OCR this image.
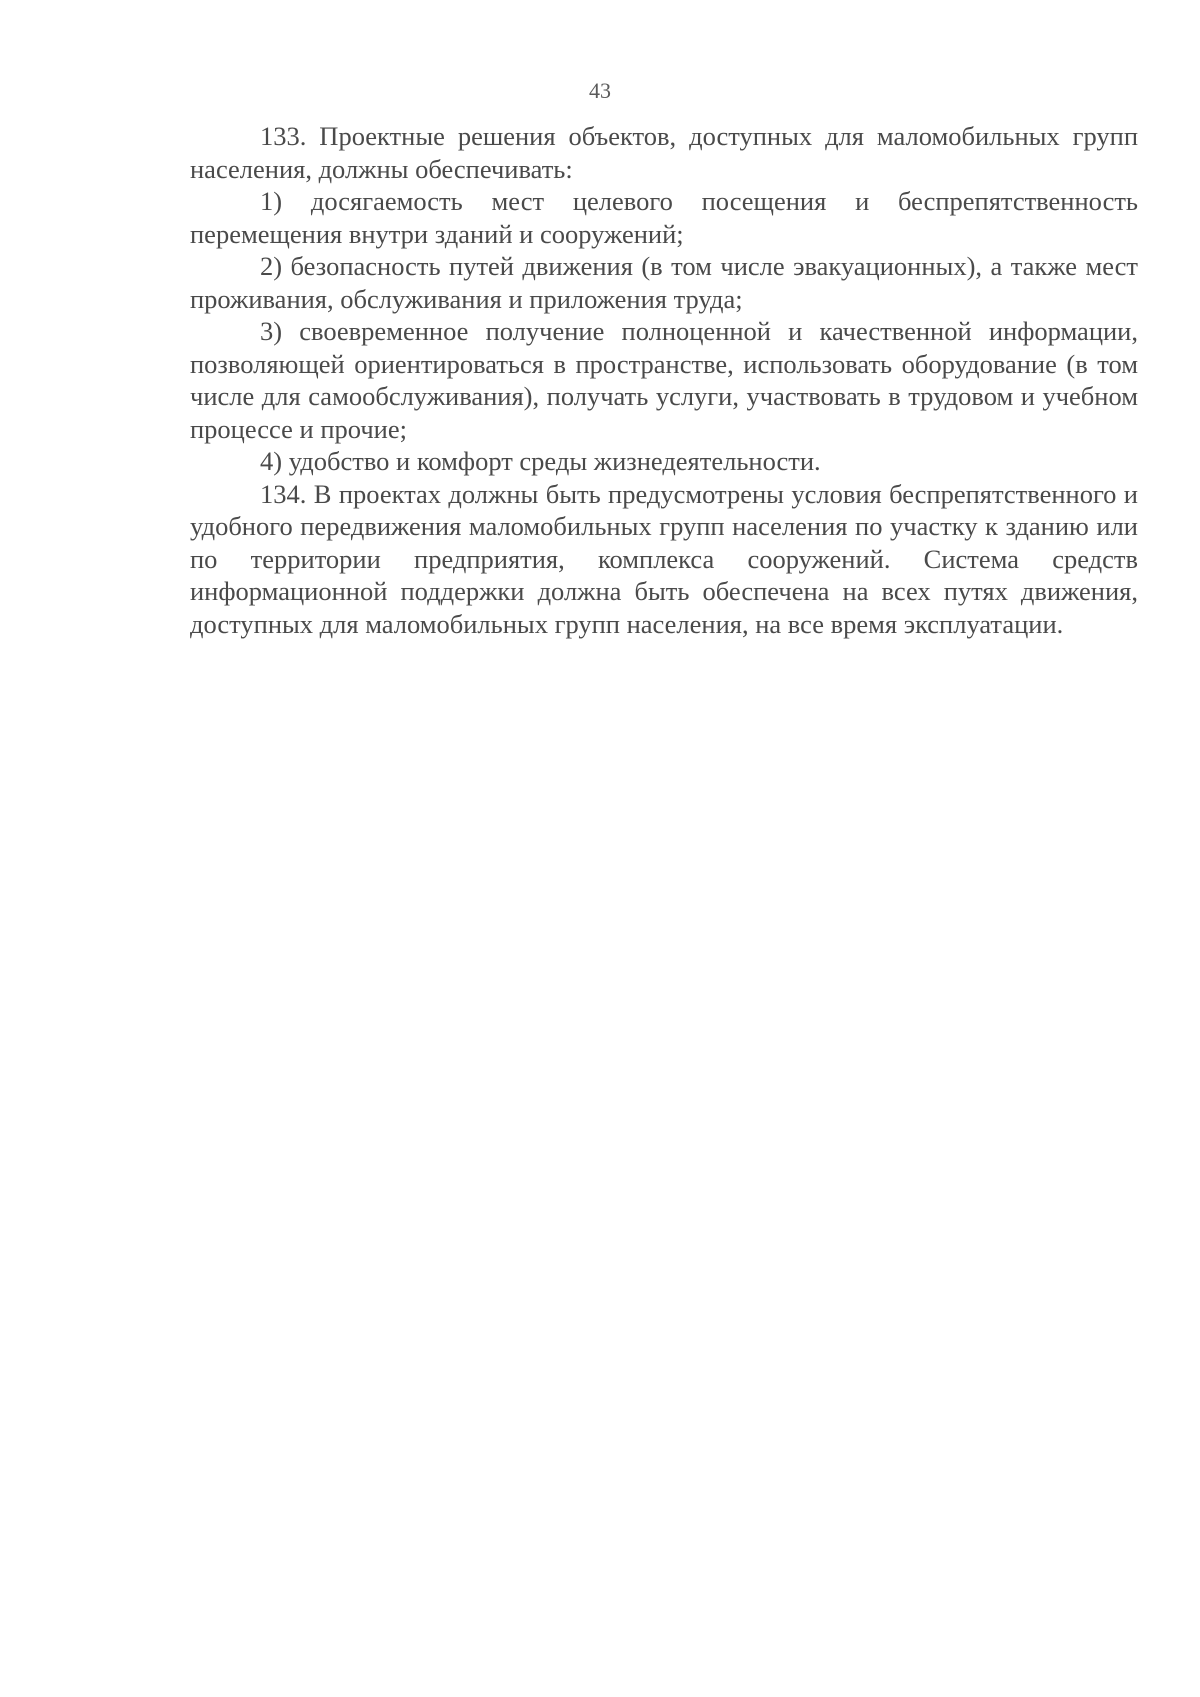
43

133. Проектные решения объектов, доступных для маломобильных групп населения, должны обеспечивать:

1) досягаемость мест целевого посещения и беспрепятственность перемещения внутри зданий и сооружений;

2) безопасность путей движения (в том числе эвакуационных), а также мест проживания, обслуживания и приложения труда;

3) своевременное получение полноценной и качественной информации, позволяющей ориентироваться в пространстве, использовать оборудование (в том числе для самообслуживания), получать услуги, участвовать в трудовом и учебном процессе и прочие;

4) удобство и комфорт среды жизнедеятельности.

134. В проектах должны быть предусмотрены условия беспрепятственного и удобного передвижения маломобильных групп населения по участку к зданию или по территории предприятия, комплекса сооружений. Система средств информационной поддержки должна быть обеспечена на всех путях движения, доступных для маломобильных групп населения, на все время эксплуатации.
